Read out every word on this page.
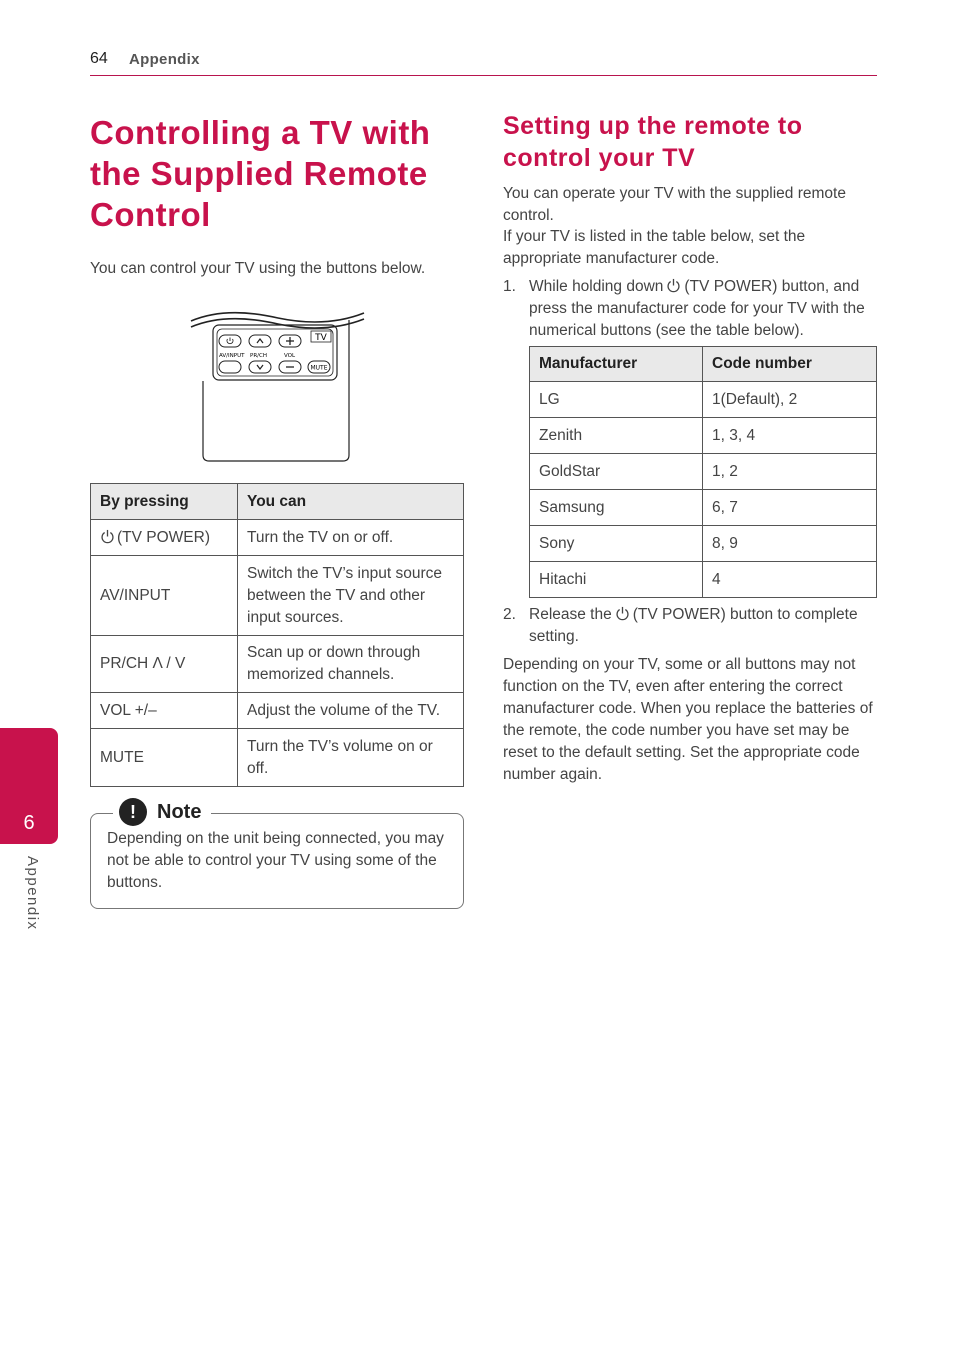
64 Appendix
Controlling a TV with the Supplied Remote Control

You can control your TV using the buttons below.

TV
AV/INPUT PR/CH	VOL
MUTE
By pressing	You can
(TV POWER)	Turn the TV on or off.
AV/INPUT	Switch the TV’s input source between the TV and other input sources.
PR/CH Λ / V	Scan up or down through memorized channels.
VOL +/–	Adjust the volume of the TV.
MUTE	Turn the TV’s volume on or off.
!	Note

Depending on the unit being connected, you may not be able to control your TV using some of the buttons.

6
Appendix
Setting up the remote to control your TV

You can operate your TV with the supplied remote control.

If your TV is listed in the table below, set the appropriate manufacturer code.

1. While holding down (TV POWER) button, and press the manufacturer code for your TV with the numerical buttons (see the table below).
Manufacturer	Code number
LG	1(Default), 2
Zenith	1, 3, 4
GoldStar	1, 2
Samsung	6, 7
Sony	8, 9
Hitachi	4
2. Release the (TV POWER) button to complete setting.

Depending on your TV, some or all buttons may not function on the TV, even after entering the correct manufacturer code. When you replace the batteries of the remote, the code number you have set may be reset to the default setting. Set the appropriate code number again.
